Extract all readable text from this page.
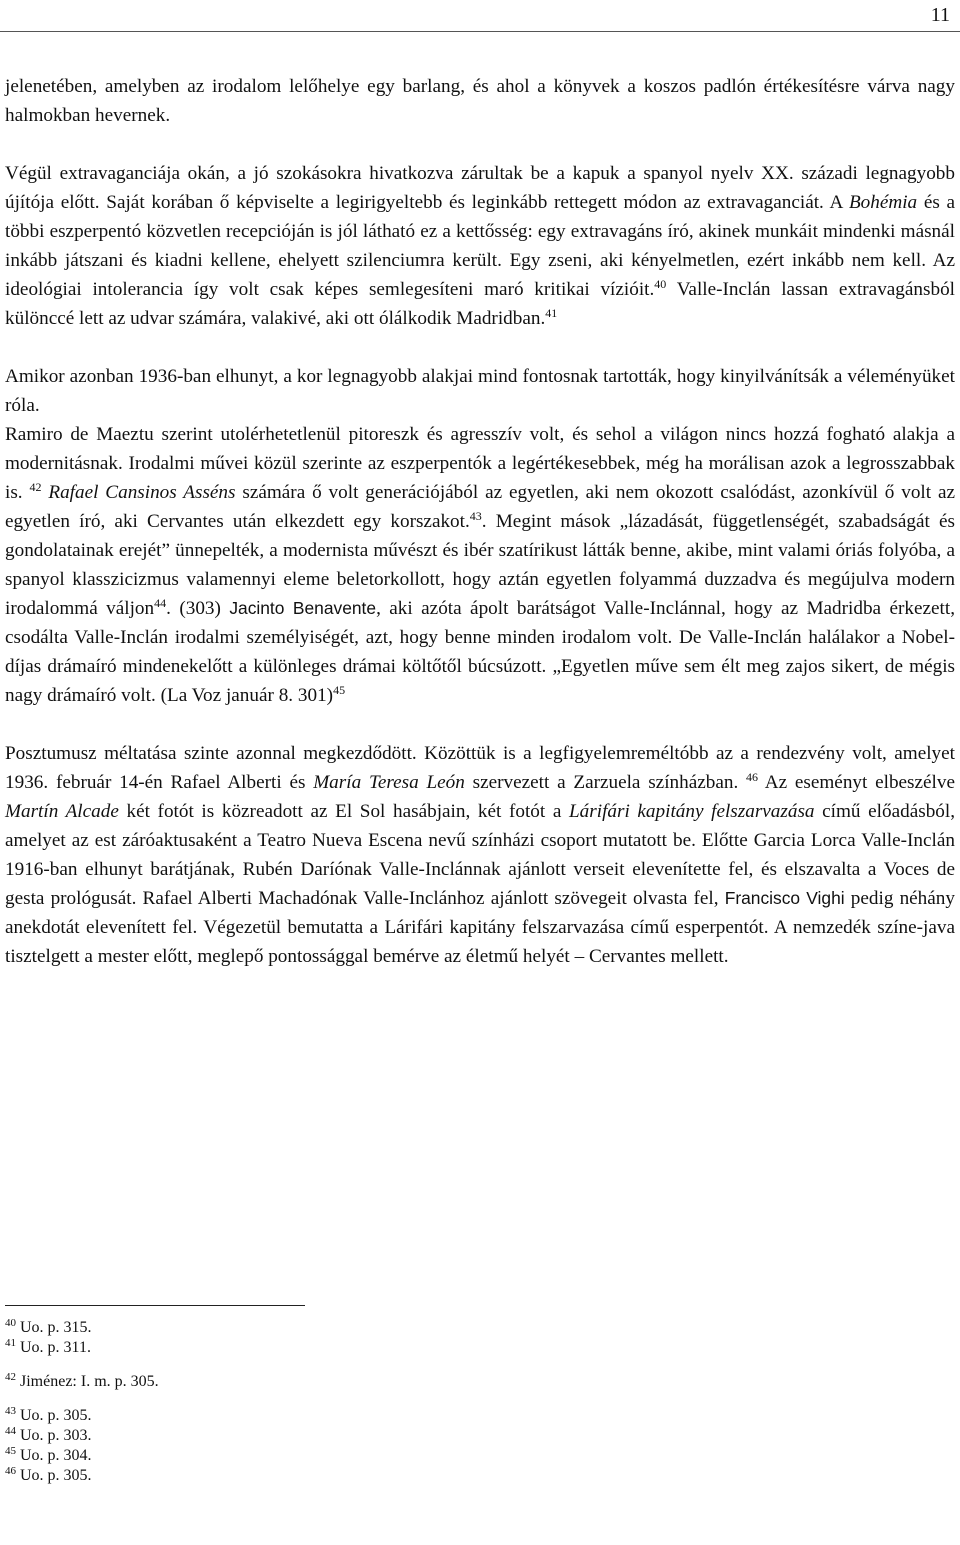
11

jelenetében, amelyben az irodalom lelőhelye egy barlang, és ahol a könyvek a koszos padlón értékesítésre várva nagy halmokban hevernek.

Végül extravaganciája okán, a jó szokásokra hivatkozva zárultak be a kapuk a spanyol nyelv XX. századi legnagyobb újítója előtt. Saját korában ő képviselte a legirigyeltebb és leginkább rettegett módon az extravaganciát. A Bohémia és a többi eszperpentó közvetlen recepcióján is jól látható ez a kettősség: egy extravagáns író, akinek munkáit mindenki másnál inkább játszani és kiadni kellene, ehelyett szilenciumra került. Egy zseni, aki kényelmetlen, ezért inkább nem kell. Az ideológiai intolerancia így volt csak képes semlegesíteni maró kritikai vízióit.$^{40}$ Valle-Inclán lassan extravagánsból különccé lett az udvar számára, valakivé, aki ott ólálkodik Madridban.$^{41}$

Amikor azonban 1936-ban elhunyt, a kor legnagyobb alakjai mind fontosnak tartották, hogy kinyilvánítsák a véleményüket róla.

Ramiro de Maeztu szerint utolérhetetlenül pitoreszk és agresszív volt, és sehol a világon nincs hozzá fogható alakja a modernitásnak. Irodalmi művei közül szerinte az eszperpentók a legértékesebbek, még ha morálisan azok a legrosszabbak is. $^{42}$ Rafael Cansinos Asséns számára ő volt generációjából az egyetlen, aki nem okozott csalódást, azonkívül ő volt az egyetlen író, aki Cervantes után elkezdett egy korszakot.$^{43}$. Megint mások „lázadását, függetlenségét, szabadságát és gondolatainak erejét” ünnepelték, a modernista művészt és ibér szatírikust látták benne, akibe, mint valami óriás folyóba, a spanyol klasszicizmus valamennyi eleme beletorkollott, hogy aztán egyetlen folyammá duzzadva és megújulva modern irodalommá váljon$^{44}$. (303) Jacinto Benavente, aki azóta ápolt barátságot Valle-Inclánnal, hogy az Madridba érkezett, csodálta Valle-Inclán irodalmi személyiségét, azt, hogy benne minden irodalom volt. De Valle-Inclán halálakor a Nobel-díjas drámaíró mindenekelőtt a különleges drámai költőtől búcsúzott. „Egyetlen műve sem élt meg zajos sikert, de mégis nagy drámaíró volt. (La Voz január 8. 301)$^{45}$

Posztumusz méltatása szinte azonnal megkezdődött. Közöttük is a legfigyelemreméltóbb az a rendezvény volt, amelyet 1936. február 14-én Rafael Alberti és María Teresa León szervezett a Zarzuela színházban. $^{46}$ Az eseményt elbeszélve Martín Alcade két fotót is közreadott az El Sol hasábjain, két fotót a Lárifári kapitány felszarvazása című előadásból, amelyet az est záróaktusaként a Teatro Nueva Escena nevű színházi csoport mutatott be. Előtte Garcia Lorca Valle-Inclán 1916-ban elhunyt barátjának, Rubén Daríónak Valle-Inclánnak ajánlott verseit elevenítette fel, és elszavalta a Voces de gesta prológusát. Rafael Alberti Machadónak Valle-Inclánhoz ajánlott szövegeit olvasta fel, Francisco Vighi pedig néhány anekdotát elevenített fel. Végezetül bemutatta a Lárifári kapitány felszarvazása című esperpentót. A nemzedék színe-java tisztelgett a mester előtt, meglepő pontossággal bemérve az életmű helyét – Cervantes mellett.

$^{40}$ Uo. p. 315.

$^{41}$ Uo. p. 311.

$^{42}$ Jiménez: I. m. p. 305.

$^{43}$ Uo. p. 305.

$^{44}$ Uo. p. 303.

$^{45}$ Uo. p. 304.

$^{46}$ Uo. p. 305.
